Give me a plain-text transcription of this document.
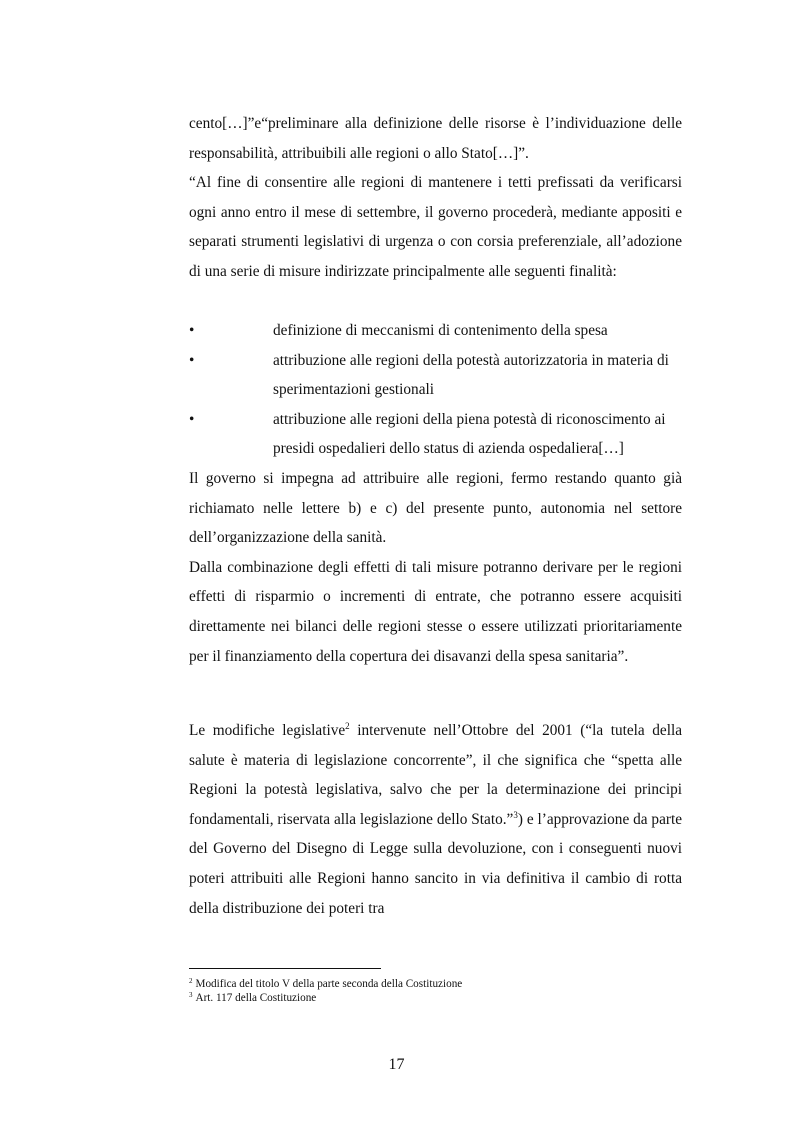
cento[…]”e“preliminare alla definizione delle risorse è l’individuazione delle responsabilità, attribuibili alle regioni o allo Stato[…]”.

“Al fine di consentire alle regioni di mantenere i tetti prefissati da verificarsi ogni anno entro il mese di settembre, il governo procederà, mediante appositi e separati strumenti legislativi di urgenza o con corsia preferenziale, all’adozione di una serie di misure indirizzate principalmente alle seguenti finalità:

•	definizione di meccanismi di contenimento della spesa
•	attribuzione alle regioni della potestà autorizzatoria in materia di sperimentazioni gestionali
•	attribuzione alle regioni della piena potestà di riconoscimento ai presidi ospedalieri dello status di azienda ospedaliera[…]

Il governo si impegna ad attribuire alle regioni, fermo restando quanto già richiamato nelle lettere b) e c) del presente punto, autonomia nel settore dell’organizzazione della sanità.

Dalla combinazione degli effetti di tali misure potranno derivare per le regioni effetti di risparmio o incrementi di entrate, che potranno essere acquisiti direttamente nei bilanci delle regioni stesse o essere utilizzati prioritariamente per il finanziamento della copertura dei disavanzi della spesa sanitaria”.

Le modifiche legislative$^2$ intervenute nell’Ottobre del 2001 (“la tutela della salute è materia di legislazione concorrente”, il che significa che “spetta alle Regioni la potestà legislativa, salvo che per la determinazione dei principi fondamentali, riservata alla legislazione dello Stato.”$^3$) e l’approvazione da parte del Governo del Disegno di Legge sulla devoluzione, con i conseguenti nuovi poteri attribuiti alle Regioni hanno sancito in via definitiva il cambio di rotta della distribuzione dei poteri tra

$^2$ Modifica del titolo V della parte seconda della Costituzione

$^3$ Art. 117 della Costituzione

17
